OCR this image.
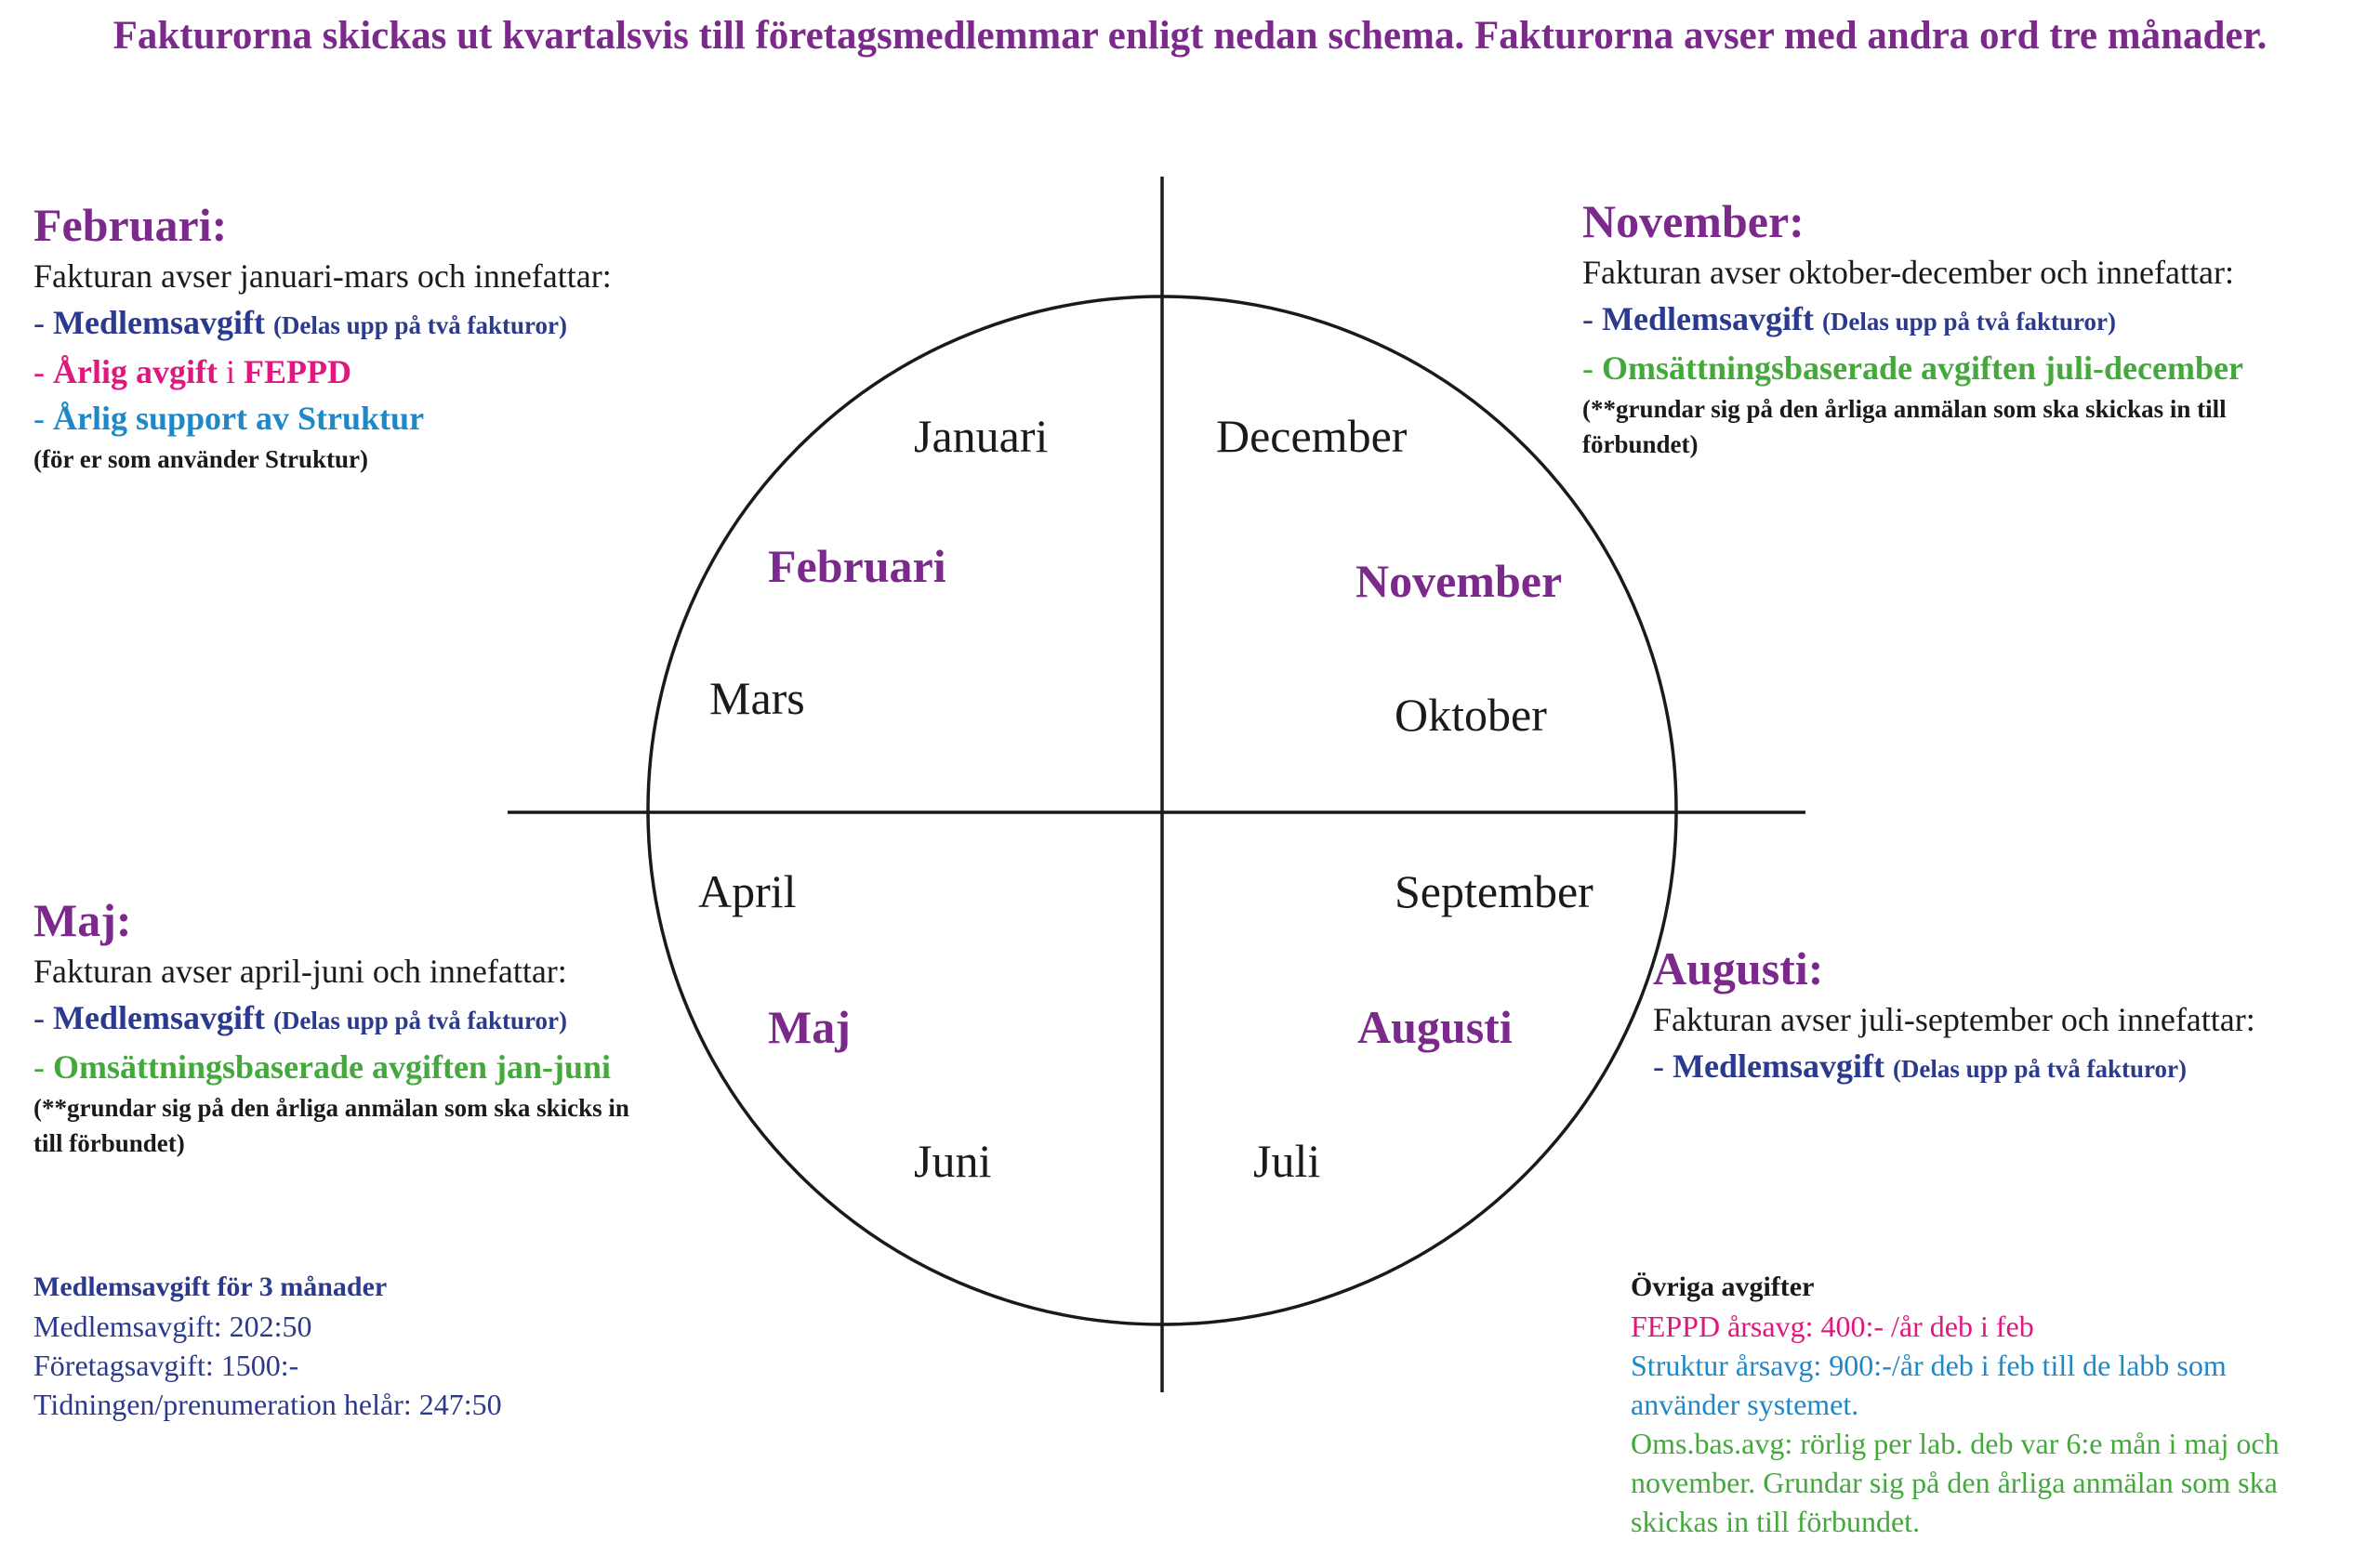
Fakturorna skickas ut kvartalsvis till företagsmedlemmar enligt nedan schema. Fakturorna avser med andra ord tre månader.
Januari
Mars
April
Juni	Juli
September
Oktober
December
Februari
Maj	Augusti
November
Februari:
Fakturan avser januari-mars och innefattar:
- Medlemsavgift (Delas upp på två fakturor)
- Årlig avgift i FEPPD
- Årlig support av Struktur
(för er som använder Struktur)
November:
Fakturan avser oktober-december och innefattar:
- Medlemsavgift (Delas upp på två fakturor)
- Omsättningsbaserade avgiften juli-december
(**grundar sig på den årliga anmälan som ska skickas in till
förbundet)
Maj:
Fakturan avser april-juni och innefattar:
- Medlemsavgift (Delas upp på två fakturor)
- Omsättningsbaserade avgiften jan-juni
(**grundar sig på den årliga anmälan som ska skicks in
till förbundet)
Augusti:
Fakturan avser juli-september och innefattar:
- Medlemsavgift (Delas upp på två fakturor)
Medlemsavgift för 3 månader
Medlemsavgift: 202:50
Företagsavgift: 1500:-
Tidningen/prenumeration helår: 247:50
Övriga avgifter
FEPPD årsavg: 400:- /år deb i feb
Struktur årsavg: 900:-/år deb i feb till de labb som
använder systemet.
Oms.bas.avg: rörlig per lab. deb var 6:e mån i maj och
november. Grundar sig på den årliga anmälan som ska
skickas in till förbundet.
